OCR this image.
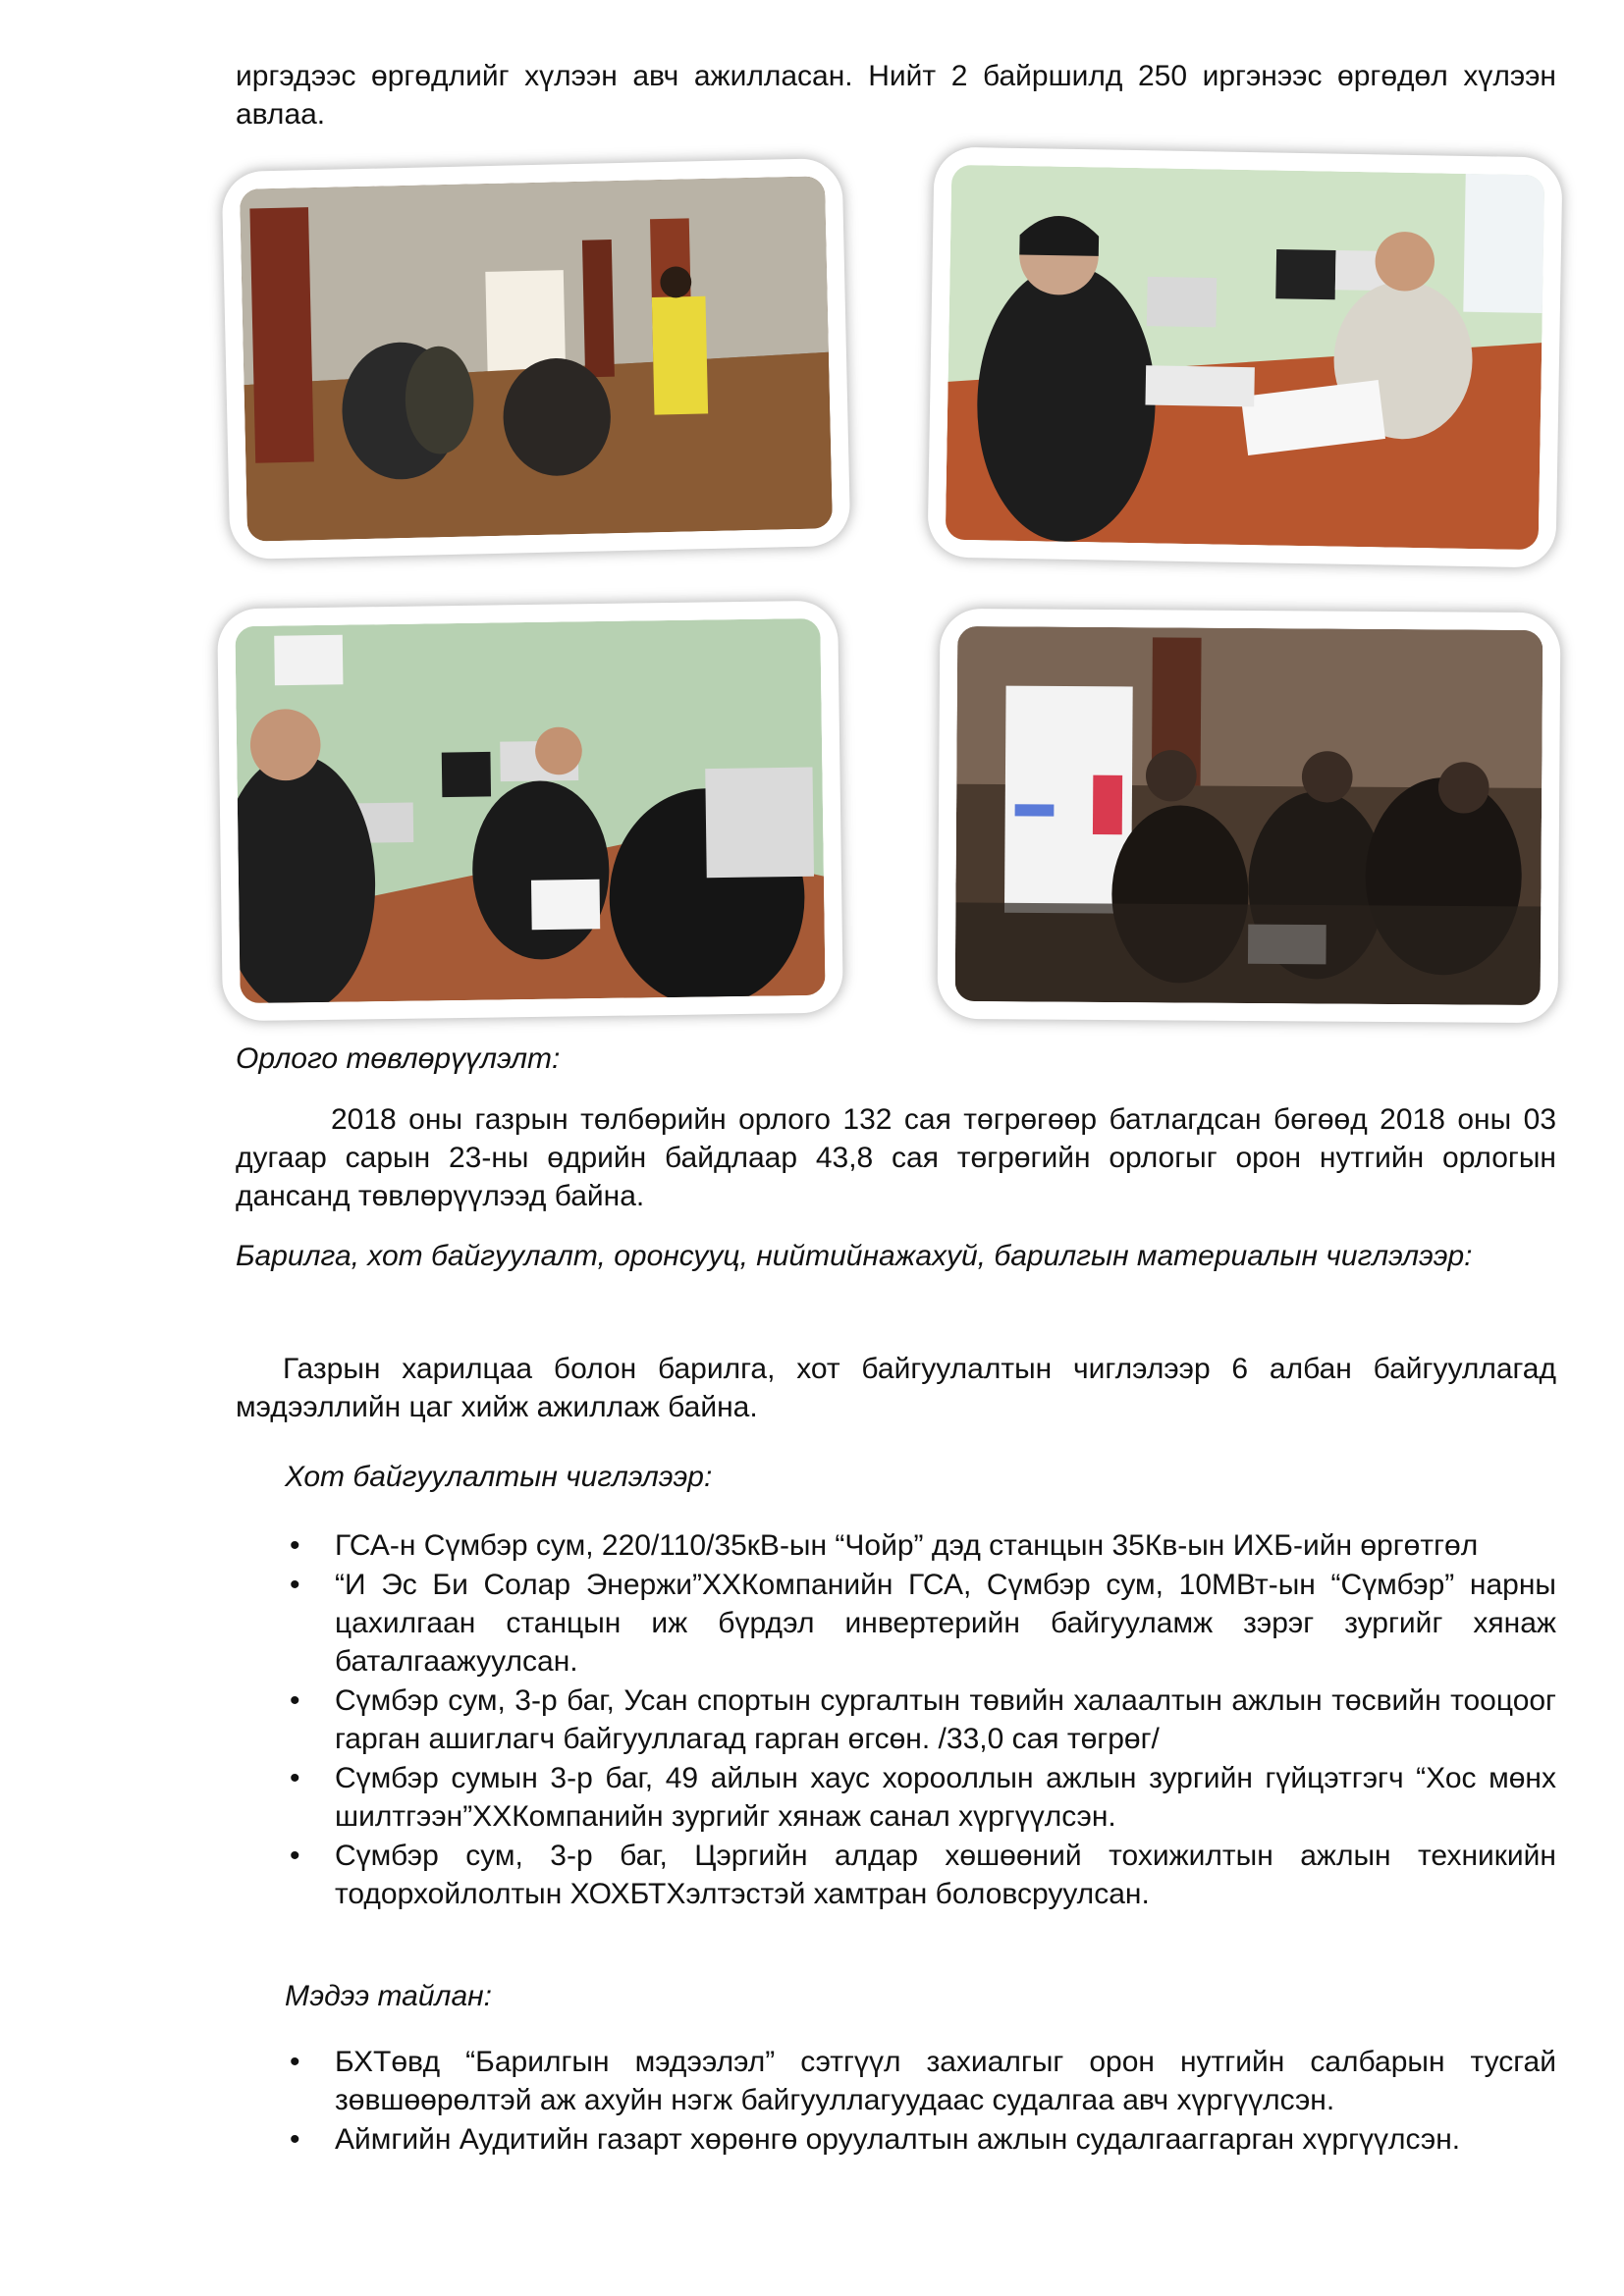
иргэдээс өргөдлийг хүлээн авч ажилласан. Нийт 2 байршилд 250 иргэнээс өргөдөл хүлээн авлаа.

Орлого төвлөрүүлэлт:

2018 оны газрын төлбөрийн орлого 132 сая төгрөгөөр батлагдсан бөгөөд 2018 оны 03 дугаар сарын 23-ны өдрийн байдлаар 43,8 сая төгрөгийн орлогыг орон нутгийн орлогын дансанд төвлөрүүлээд байна.

Барилга, хот байгуулалт, оронсууц, нийтийнажахуй, барилгын материалын чиглэлээр:

Газрын харилцаа болон барилга, хот байгуулалтын чиглэлээр 6 албан байгууллагад мэдээллийн цаг хийж ажиллаж байна.

Хот байгуулалтын чиглэлээр:

• ГСА-н Сүмбэр сум, 220/110/35кВ-ын “Чойр” дэд станцын 35Кв-ын ИХБ-ийн өргөтгөл
• “И Эс Би Солар Энержи”ХХКомпанийн ГСА, Сүмбэр сум, 10МВт-ын “Сүмбэр” нарны цахилгаан станцын иж бүрдэл инвертерийн байгууламж зэрэг зургийг хянаж баталгаажуулсан.
• Сүмбэр сум, 3-р баг, Усан спортын сургалтын төвийн халаалтын ажлын төсвийн тооцоог гарган ашиглагч байгууллагад гарган өгсөн. /33,0 сая төгрөг/
• Сүмбэр сумын 3-р баг, 49 айлын хаус хорооллын ажлын зургийн гүйцэтгэгч “Хос мөнх шилтгээн”ХХКомпанийн зургийг хянаж санал хүргүүлсэн.
• Сүмбэр сум, 3-р баг, Цэргийн алдар хөшөөний тохижилтын ажлын техникийн тодорхойлолтын ХОХБТХэлтэстэй хамтран боловсруулсан.

Мэдээ тайлан:

• БХТөвд “Барилгын мэдээлэл” сэтгүүл захиалгыг орон нутгийн салбарын тусгай зөвшөөрөлтэй аж ахуйн нэгж байгууллагуудаас судалгаа авч хүргүүлсэн.
• Аймгийн Аудитийн газарт хөрөнгө оруулалтын ажлын судалгааггарган хүргүүлсэн.
